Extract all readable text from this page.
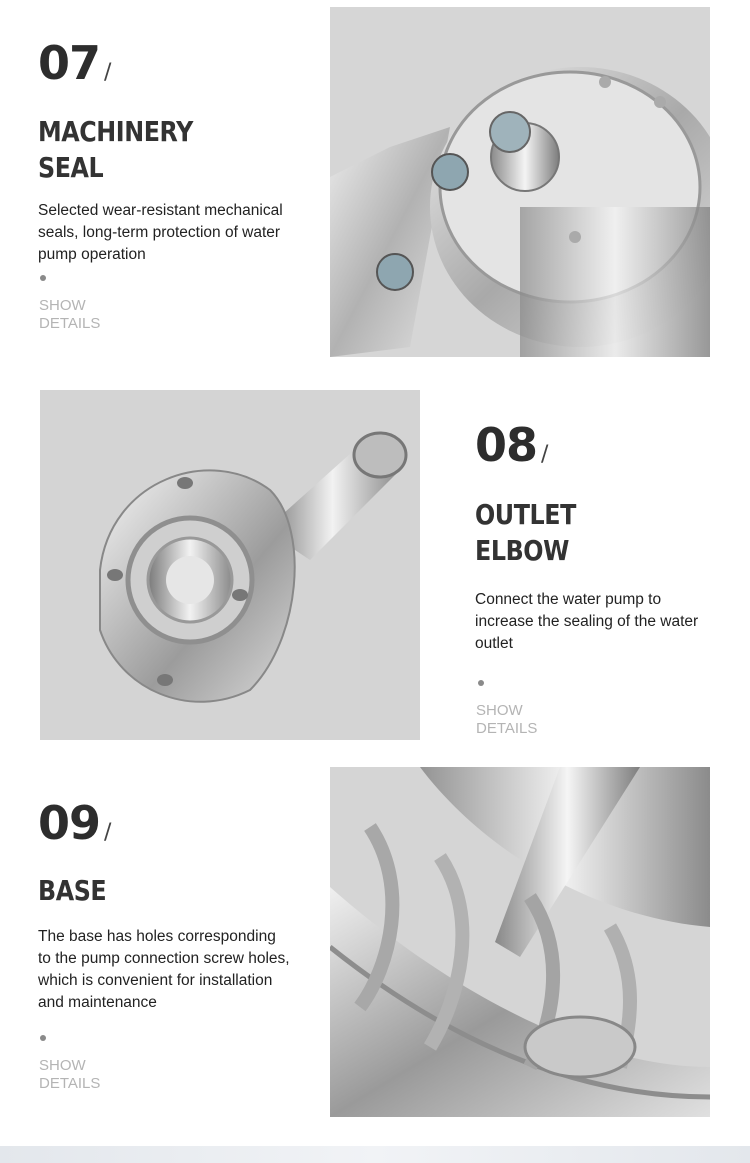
07 /
MACHINERY
SEAL
Selected wear-resistant mechanical seals, long-term protection of water pump operation
SHOW
DETAILS
08 /
OUTLET
ELBOW
Connect the water pump to increase the sealing of the water outlet
SHOW
DETAILS
09 /
BASE
The base has holes corresponding to the pump connection screw holes, which is convenient for installation and maintenance
SHOW
DETAILS
